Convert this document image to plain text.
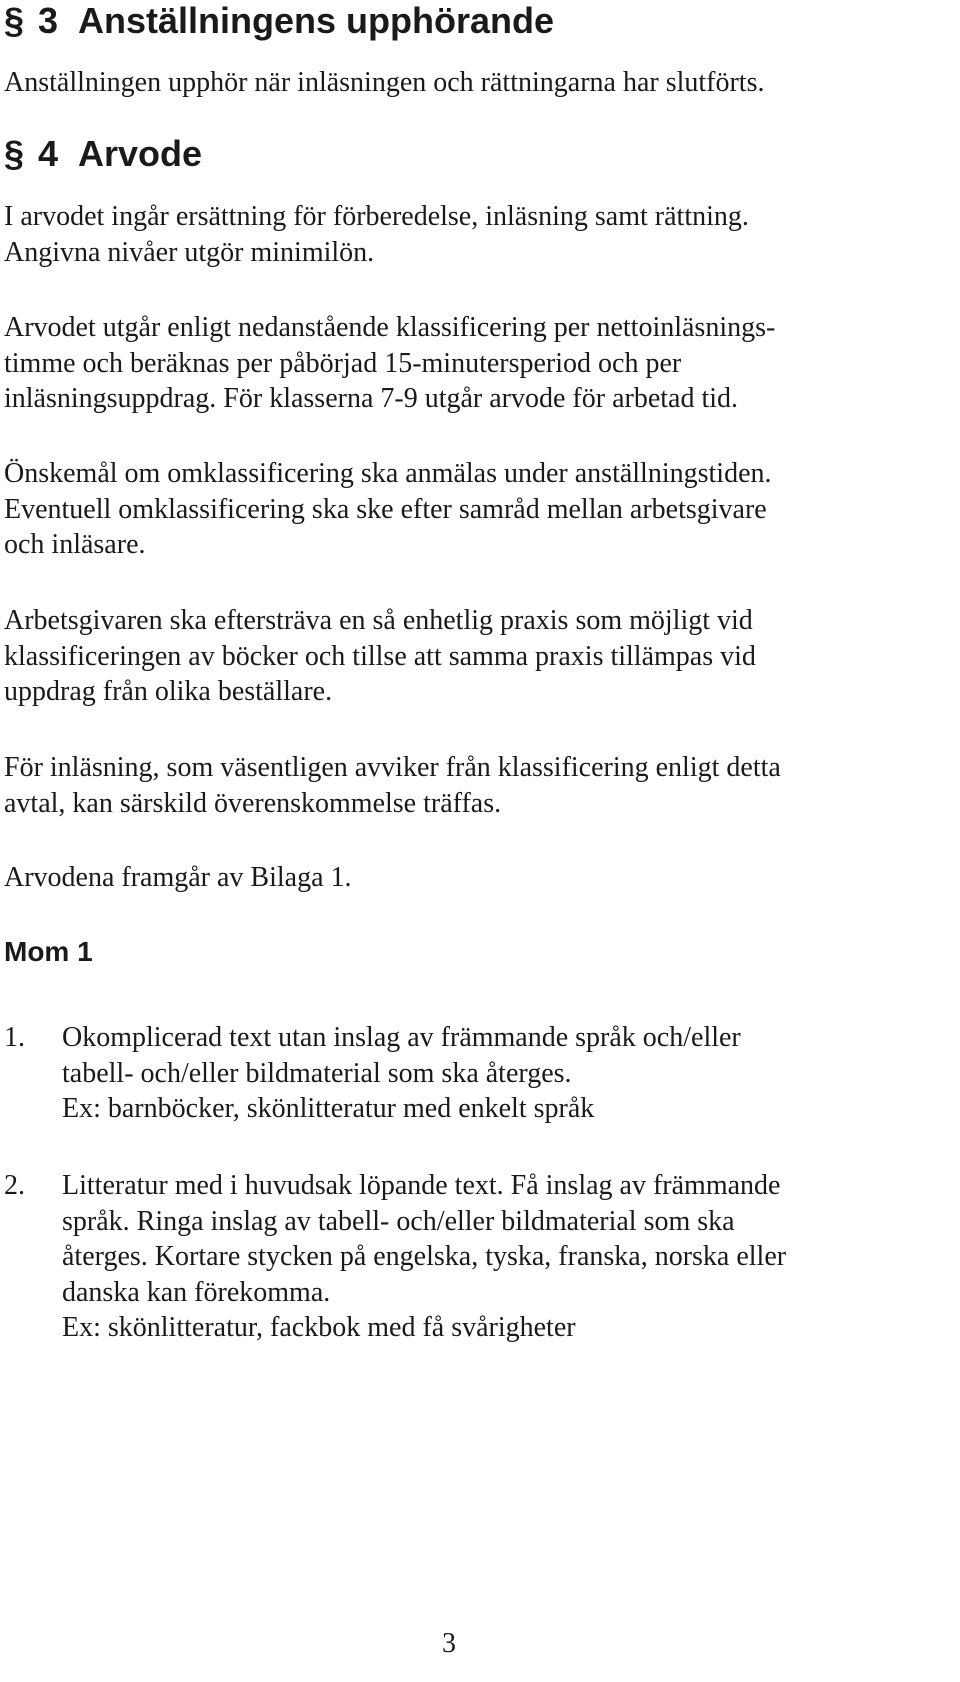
§ 3 Anställningens upphörande

Anställningen upphör när inläsningen och rättningarna har slutförts.

§ 4 Arvode

I arvodet ingår ersättning för förberedelse, inläsning samt rättning.
Angivna nivåer utgör minimilön.

Arvodet utgår enligt nedanstående klassificering per nettoinläsnings-
timme och beräknas per påbörjad 15-minutersperiod och per
inläsningsuppdrag. För klasserna 7-9 utgår arvode för arbetad tid.

Önskemål om omklassificering ska anmälas under anställningstiden.
Eventuell omklassificering ska ske efter samråd mellan arbetsgivare
och inläsare.

Arbetsgivaren ska eftersträva en så enhetlig praxis som möjligt vid
klassificeringen av böcker och tillse att samma praxis tillämpas vid
uppdrag från olika beställare.

För inläsning, som väsentligen avviker från klassificering enligt detta
avtal, kan särskild överenskommelse träffas.

Arvodena framgår av Bilaga 1.

Mom 1
1. Okomplicerad text utan inslag av främmande språk och/eller
tabell- och/eller bildmaterial som ska återges.
Ex: barnböcker, skönlitteratur med enkelt språk
2. Litteratur med i huvudsak löpande text. Få inslag av främmande
språk. Ringa inslag av tabell- och/eller bildmaterial som ska
återges. Kortare stycken på engelska, tyska, franska, norska eller
danska kan förekomma.
Ex: skönlitteratur, fackbok med få svårigheter
3
